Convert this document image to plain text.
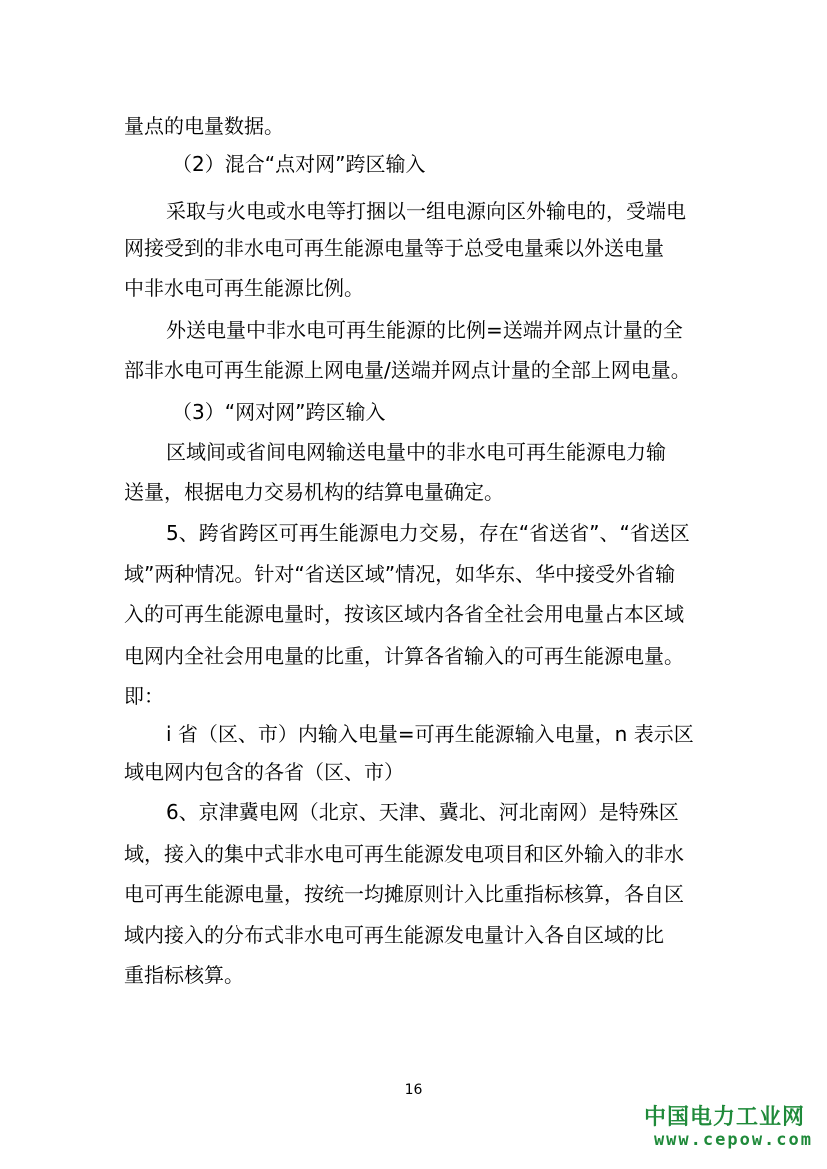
量点的电量数据。
（2）混合“点对网”跨区输入
采取与火电或水电等打捆以一组电源向区外输电的，受端电
网接受到的非水电可再生能源电量等于总受电量乘以外送电量
中非水电可再生能源比例。
外送电量中非水电可再生能源的比例=送端并网点计量的全
部非水电可再生能源上网电量/送端并网点计量的全部上网电量。
（3）“网对网”跨区输入
区域间或省间电网输送电量中的非水电可再生能源电力输
送量，根据电力交易机构的结算电量确定。
5、跨省跨区可再生能源电力交易，存在“省送省”、“省送区
域”两种情况。针对“省送区域”情况，如华东、华中接受外省输
入的可再生能源电量时，按该区域内各省全社会用电量占本区域
电网内全社会用电量的比重，计算各省输入的可再生能源电量。
即：
i 省（区、市）内输入电量=可再生能源输入电量，n 表示区
域电网内包含的各省（区、市）
6、京津冀电网（北京、天津、冀北、河北南网）是特殊区
域，接入的集中式非水电可再生能源发电项目和区外输入的非水
电可再生能源电量，按统一均摊原则计入比重指标核算，各自区
域内接入的分布式非水电可再生能源发电量计入各自区域的比
重指标核算。
16
中国电力工业网
www.cepow.com
